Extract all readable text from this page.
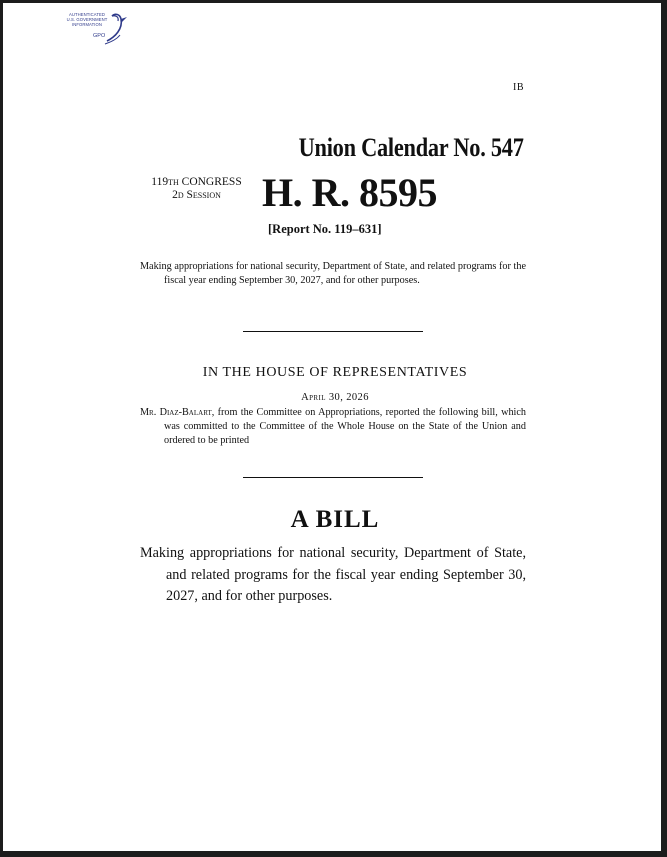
AUTHENTICATED
U.S. GOVERNMENT
INFORMATION
GPO
IB
Union Calendar No. 547
119th CONGRESS
2d Session	H. R. 8595
[Report No. 119–631]
Making appropriations for national security, Department of State, and related programs for the fiscal year ending September 30, 2027, and for other purposes.
IN THE HOUSE OF REPRESENTATIVES
April 30, 2026
Mr. Diaz-Balart, from the Committee on Appropriations, reported the following bill, which was committed to the Committee of the Whole House on the State of the Union and ordered to be printed
A BILL
Making appropriations for national security, Department of State, and related programs for the fiscal year ending September 30, 2027, and for other purposes.
